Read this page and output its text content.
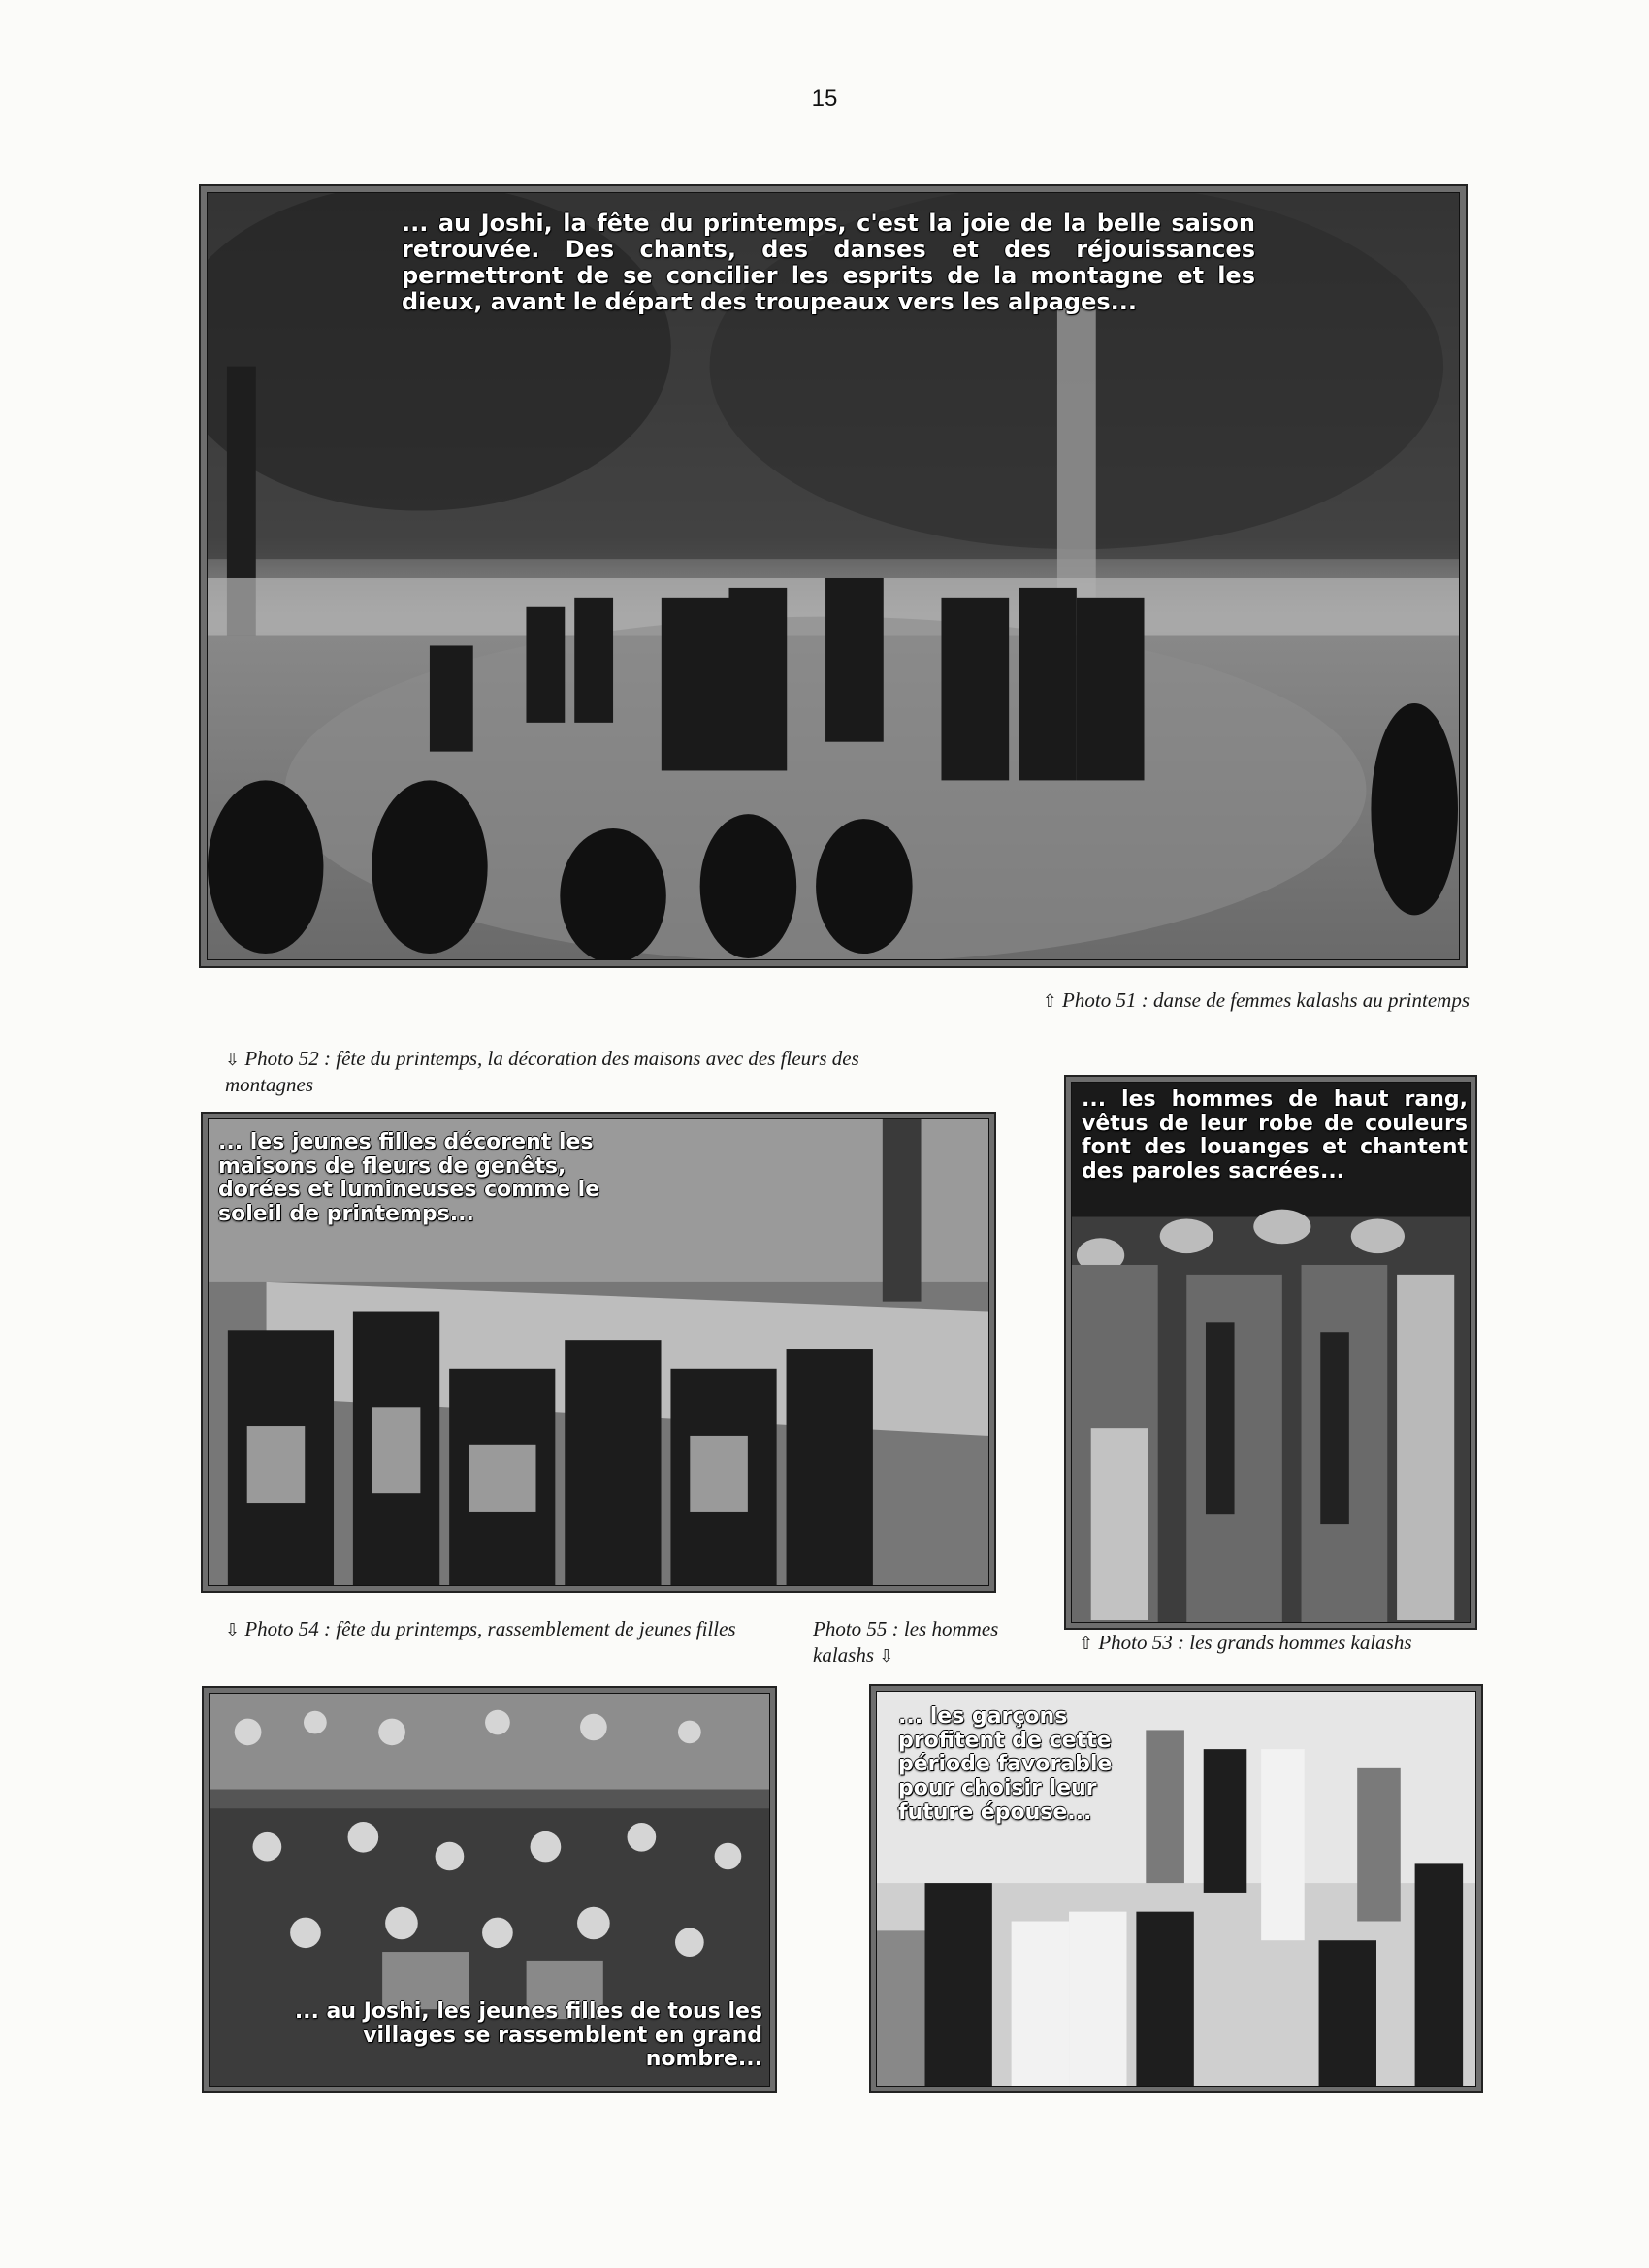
15
... au Joshi, la fête du printemps, c'est la joie de la belle saison retrouvée. Des chants, des danses et des réjouissances permettront de se concilier les esprits de la montagne et les dieux, avant le départ des troupeaux vers les alpages...
⇧ Photo 51 : danse de femmes kalashs au printemps
⇩ Photo 52 : fête du printemps, la décoration des maisons avec des fleurs des montagnes
... les jeunes filles décorent les maisons de fleurs de genêts, dorées et lumineuses comme le soleil de printemps...
... les hommes de haut rang, vêtus de leur robe de couleurs font des louanges et chantent des paroles sacrées...
⇧ Photo 53 : les grands hommes kalashs
⇩ Photo 54 : fête du printemps, rassemblement de jeunes filles	Photo 55 : les hommes kalashs ⇩
... au Joshi, les jeunes filles de tous les villages se rassemblent en grand nombre...
... les garçons profitent de cette période favorable pour choisir leur future épouse...
